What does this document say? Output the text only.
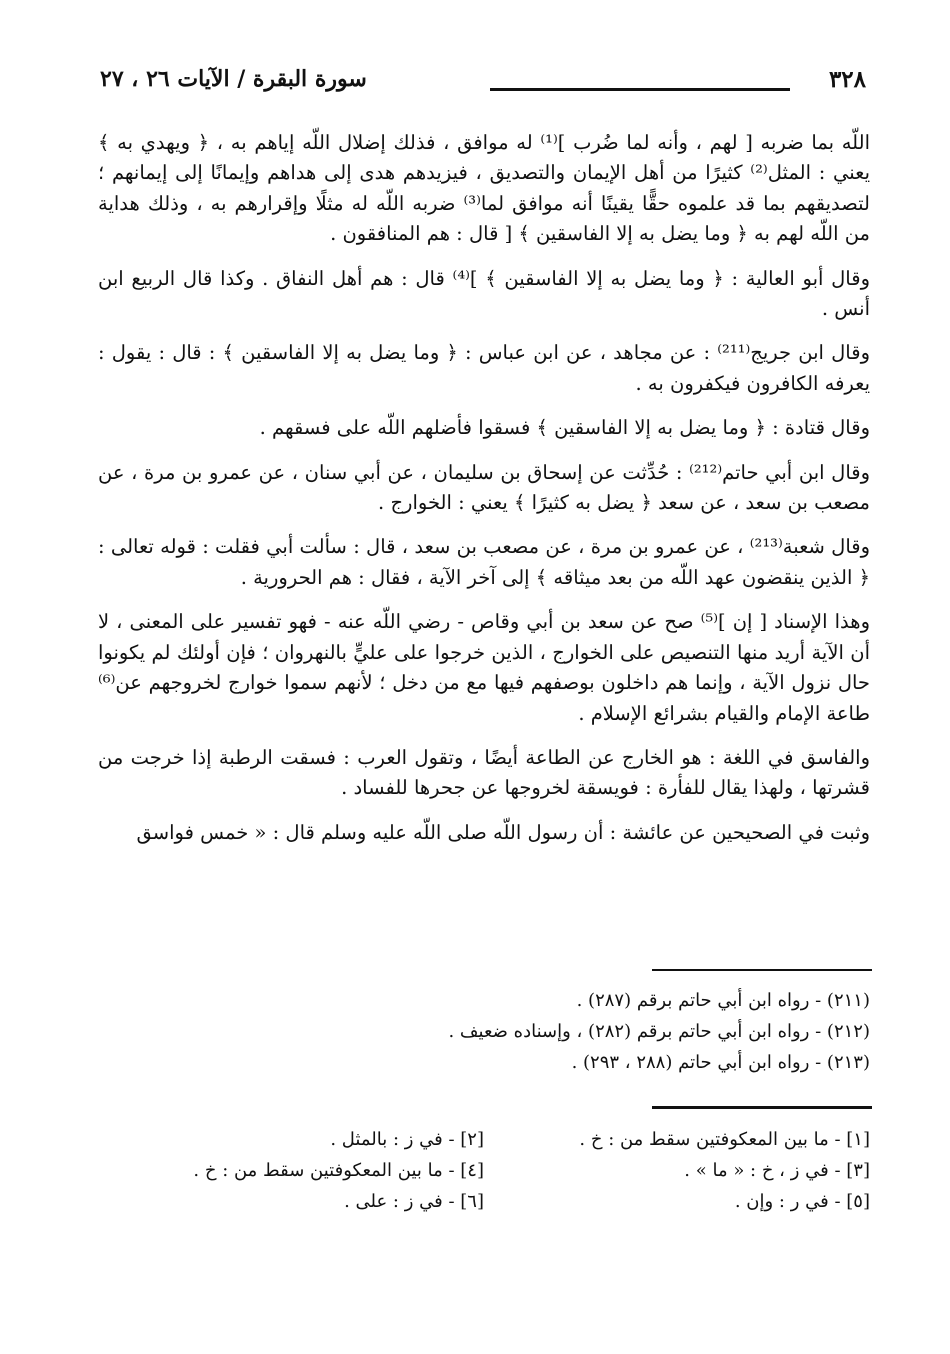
٣٢٨
سورة البقرة / الآيات ٢٦ ، ٢٧

اللّه بما ضربه [ لهم ، وأنه لما ضُرب ]⁽¹⁾ له موافق ، فذلك إضلال اللّه إياهم به ، ﴿ ويهدي به ﴾ يعني : المثل⁽²⁾ كثيرًا من أهل الإيمان والتصديق ، فيزيدهم هدى إلى هداهم وإيمانًا إلى إيمانهم ؛ لتصديقهم بما قد علموه حقًّا يقينًا أنه موافق لما⁽³⁾ ضربه اللّه له مثلًا وإقرارهم به ، وذلك هداية من اللّه لهم به ﴿ وما يضل به إلا الفاسقين ﴾ [ قال : هم المنافقون .

وقال أبو العالية : ﴿ وما يضل به إلا الفاسقين ﴾ ]⁽⁴⁾ قال : هم أهل النفاق . وكذا قال الربيع ابن أنس .

وقال ابن جريج⁽²¹¹⁾ : عن مجاهد ، عن ابن عباس : ﴿ وما يضل به إلا الفاسقين ﴾ : قال : يقول : يعرفه الكافرون فيكفرون به .

وقال قتادة : ﴿ وما يضل به إلا الفاسقين ﴾ فسقوا فأضلهم اللّه على فسقهم .

وقال ابن أبي حاتم⁽²¹²⁾ : حُدِّثت عن إسحاق بن سليمان ، عن أبي سنان ، عن عمرو بن مرة ، عن مصعب بن سعد ، عن سعد ﴿ يضل به كثيرًا ﴾ يعني : الخوارج .

وقال شعبة⁽²¹³⁾ ، عن عمرو بن مرة ، عن مصعب بن سعد ، قال : سألت أبي فقلت : قوله تعالى : ﴿ الذين ينقضون عهد اللّه من بعد ميثاقه ﴾ إلى آخر الآية ، فقال : هم الحرورية .

وهذا الإسناد [ إن ]⁽⁵⁾ صح عن سعد بن أبي وقاص - رضي اللّه عنه - فهو تفسير على المعنى ، لا أن الآية أريد منها التنصيص على الخوارج ، الذين خرجوا على عليٍّ بالنهروان ؛ فإن أولئك لم يكونوا حال نزول الآية ، وإنما هم داخلون بوصفهم فيها مع من دخل ؛ لأنهم سموا خوارج لخروجهم عن⁽⁶⁾ طاعة الإمام والقيام بشرائع الإسلام .

والفاسق في اللغة : هو الخارج عن الطاعة أيضًا ، وتقول العرب : فسقت الرطبة إذا خرجت من قشرتها ، ولهذا يقال للفأرة : فويسقة لخروجها عن جحرها للفساد .

وثبت في الصحيحين عن عائشة : أن رسول اللّه صلى اللّه عليه وسلم قال : « خمس فواسق

(٢١١) - رواه ابن أبي حاتم برقم (٢٨٧) .

(٢١٢) - رواه ابن أبي حاتم برقم (٢٨٢) ، وإسناده ضعيف .

(٢١٣) - رواه ابن أبي حاتم (٢٨٨ ، ٢٩٣) .

[١] - ما بين المعكوفتين سقط من : خ .
[٢] - في ز : بالمثل .
[٣] - في ز ، خ : « ما » .
[٤] - ما بين المعكوفتين سقط من : خ .
[٥] - في ر : وإن .
[٦] - في ز : على .
